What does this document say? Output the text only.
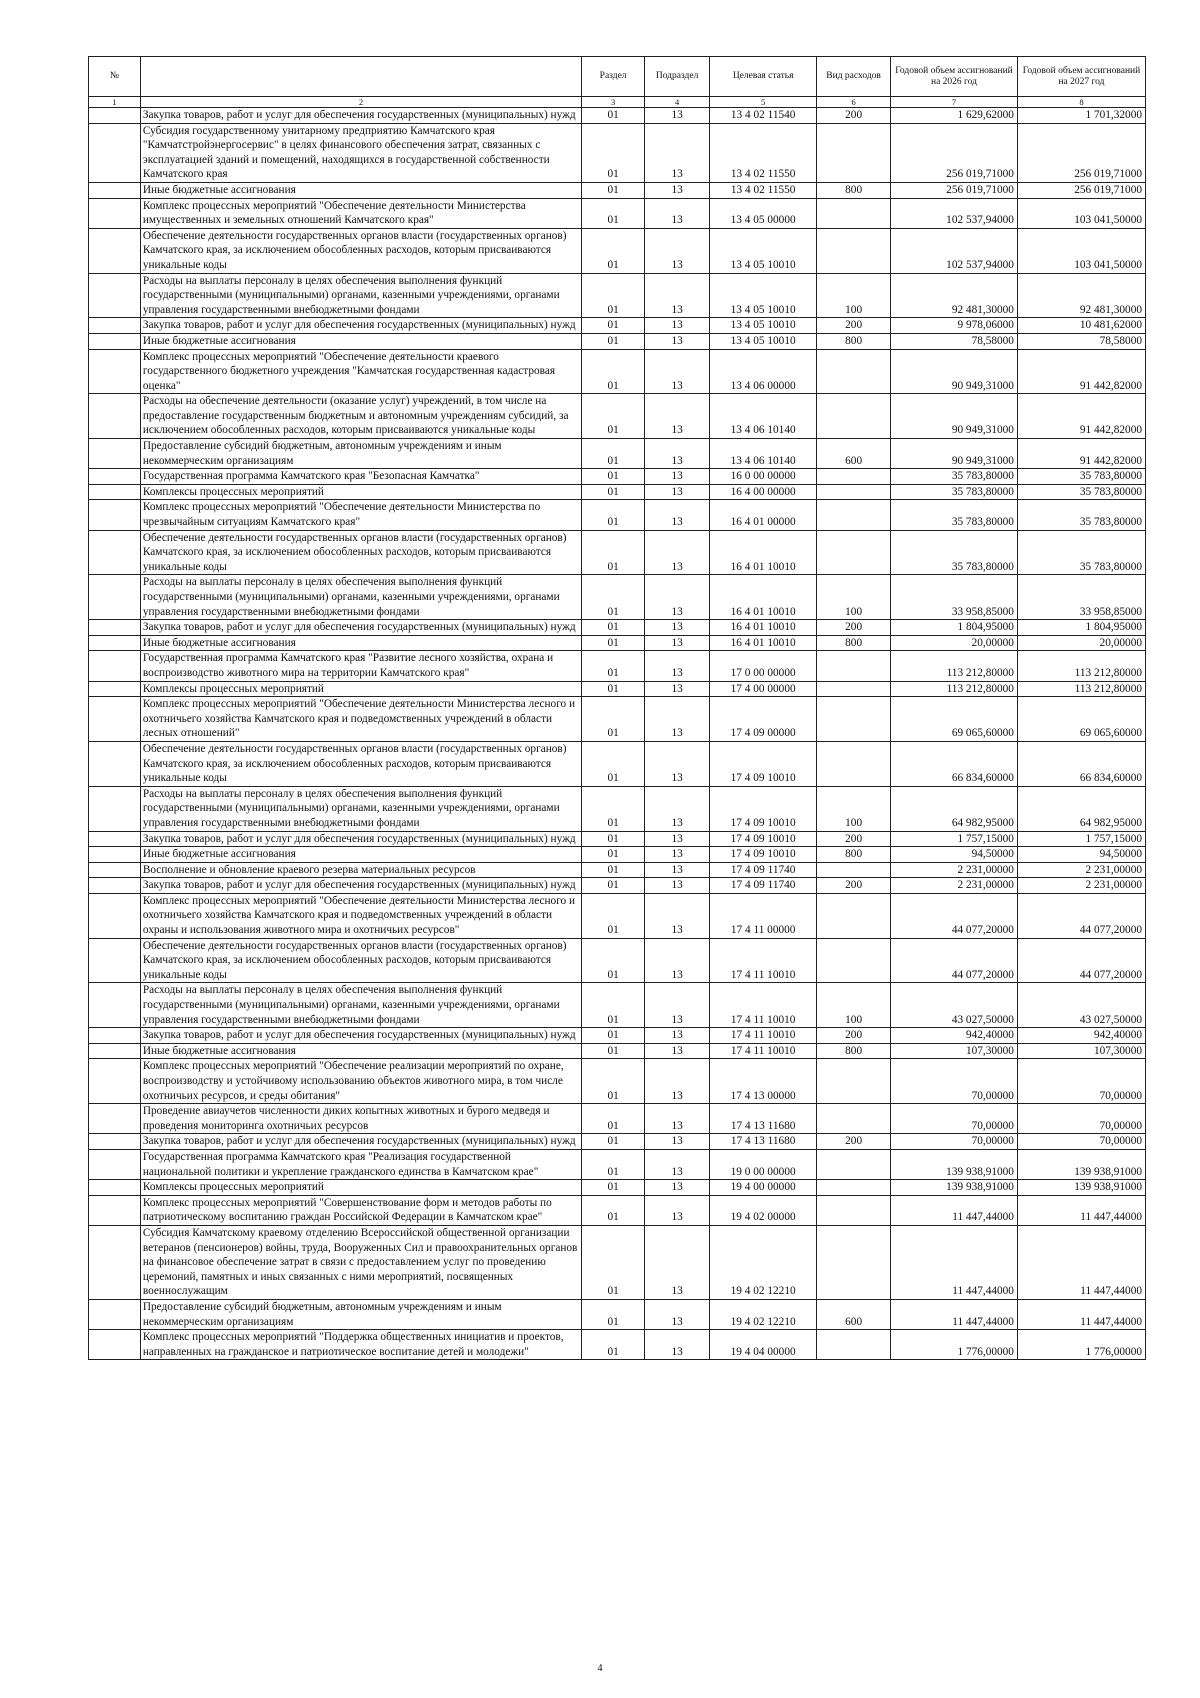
№		Раздел	Подраздел	Целевая статья	Вид расходов	Годовой объем ассигнований на 2026 год	Годовой объем ассигнований на 2027 год
1	2	3	4	5	6	7	8
	Закупка товаров, работ и услуг для обеспечения государственных (муниципальных) нужд	01	13	13 4 02 11540	200	1 629,62000	1 701,32000
	Субсидия государственному унитарному предприятию Камчатского края "Камчатстройэнергосервис" в целях финансового обеспечения затрат, связанных с эксплуатацией зданий и помещений, находящихся в государственной собственности Камчатского края	01	13	13 4 02 11550		256 019,71000	256 019,71000
	Иные бюджетные ассигнования	01	13	13 4 02 11550	800	256 019,71000	256 019,71000
	Комплекс процессных мероприятий "Обеспечение деятельности Министерства имущественных и земельных отношений Камчатского края"	01	13	13 4 05 00000		102 537,94000	103 041,50000
	Обеспечение деятельности государственных органов власти (государственных органов) Камчатского края, за исключением обособленных расходов, которым присваиваются уникальные коды	01	13	13 4 05 10010		102 537,94000	103 041,50000
	Расходы на выплаты персоналу в целях обеспечения выполнения функций государственными (муниципальными) органами, казенными учреждениями, органами управления государственными внебюджетными фондами	01	13	13 4 05 10010	100	92 481,30000	92 481,30000
	Закупка товаров, работ и услуг для обеспечения государственных (муниципальных) нужд	01	13	13 4 05 10010	200	9 978,06000	10 481,62000
	Иные бюджетные ассигнования	01	13	13 4 05 10010	800	78,58000	78,58000
	Комплекс процессных мероприятий "Обеспечение деятельности краевого государственного бюджетного учреждения "Камчатская государственная кадастровая оценка"	01	13	13 4 06 00000		90 949,31000	91 442,82000
	Расходы на обеспечение деятельности (оказание услуг) учреждений, в том числе на предоставление государственным бюджетным и автономным учреждениям субсидий, за исключением обособленных расходов, которым присваиваются уникальные коды	01	13	13 4 06 10140		90 949,31000	91 442,82000
	Предоставление субсидий бюджетным, автономным учреждениям и иным некоммерческим организациям	01	13	13 4 06 10140	600	90 949,31000	91 442,82000
	Государственная программа Камчатского края "Безопасная Камчатка"	01	13	16 0 00 00000		35 783,80000	35 783,80000
	Комплексы процессных мероприятий	01	13	16 4 00 00000		35 783,80000	35 783,80000
	Комплекс процессных мероприятий "Обеспечение деятельности Министерства по чрезвычайным ситуациям Камчатского края"	01	13	16 4 01 00000		35 783,80000	35 783,80000
	Обеспечение деятельности государственных органов власти (государственных органов) Камчатского края, за исключением обособленных расходов, которым присваиваются уникальные коды	01	13	16 4 01 10010		35 783,80000	35 783,80000
	Расходы на выплаты персоналу в целях обеспечения выполнения функций государственными (муниципальными) органами, казенными учреждениями, органами управления государственными внебюджетными фондами	01	13	16 4 01 10010	100	33 958,85000	33 958,85000
	Закупка товаров, работ и услуг для обеспечения государственных (муниципальных) нужд	01	13	16 4 01 10010	200	1 804,95000	1 804,95000
	Иные бюджетные ассигнования	01	13	16 4 01 10010	800	20,00000	20,00000
	Государственная программа Камчатского края "Развитие лесного хозяйства, охрана и воспроизводство животного мира на территории Камчатского края"	01	13	17 0 00 00000		113 212,80000	113 212,80000
	Комплексы процессных мероприятий	01	13	17 4 00 00000		113 212,80000	113 212,80000
	Комплекс процессных мероприятий "Обеспечение деятельности Министерства лесного и охотничьего хозяйства Камчатского края и подведомственных учреждений в области лесных отношений"	01	13	17 4 09 00000		69 065,60000	69 065,60000
	Обеспечение деятельности государственных органов власти (государственных органов) Камчатского края, за исключением обособленных расходов, которым присваиваются уникальные коды	01	13	17 4 09 10010		66 834,60000	66 834,60000
	Расходы на выплаты персоналу в целях обеспечения выполнения функций государственными (муниципальными) органами, казенными учреждениями, органами управления государственными внебюджетными фондами	01	13	17 4 09 10010	100	64 982,95000	64 982,95000
	Закупка товаров, работ и услуг для обеспечения государственных (муниципальных) нужд	01	13	17 4 09 10010	200	1 757,15000	1 757,15000
	Иные бюджетные ассигнования	01	13	17 4 09 10010	800	94,50000	94,50000
	Восполнение и обновление краевого резерва материальных ресурсов	01	13	17 4 09 11740		2 231,00000	2 231,00000
	Закупка товаров, работ и услуг для обеспечения государственных (муниципальных) нужд	01	13	17 4 09 11740	200	2 231,00000	2 231,00000
	Комплекс процессных мероприятий "Обеспечение деятельности Министерства лесного и охотничьего хозяйства Камчатского края и подведомственных учреждений в области охраны и использования животного мира и охотничьих ресурсов"	01	13	17 4 11 00000		44 077,20000	44 077,20000
	Обеспечение деятельности государственных органов власти (государственных органов) Камчатского края, за исключением обособленных расходов, которым присваиваются уникальные коды	01	13	17 4 11 10010		44 077,20000	44 077,20000
	Расходы на выплаты персоналу в целях обеспечения выполнения функций государственными (муниципальными) органами, казенными учреждениями, органами управления государственными внебюджетными фондами	01	13	17 4 11 10010	100	43 027,50000	43 027,50000
	Закупка товаров, работ и услуг для обеспечения государственных (муниципальных) нужд	01	13	17 4 11 10010	200	942,40000	942,40000
	Иные бюджетные ассигнования	01	13	17 4 11 10010	800	107,30000	107,30000
	Комплекс процессных мероприятий "Обеспечение реализации мероприятий по охране, воспроизводству и устойчивому использованию объектов животного мира, в том числе охотничьих ресурсов, и среды обитания"	01	13	17 4 13 00000		70,00000	70,00000
	Проведение авиаучетов численности диких копытных животных и бурого медведя и проведения мониторинга охотничьих ресурсов	01	13	17 4 13 11680		70,00000	70,00000
	Закупка товаров, работ и услуг для обеспечения государственных (муниципальных) нужд	01	13	17 4 13 11680	200	70,00000	70,00000
	Государственная программа Камчатского края "Реализация государственной национальной политики и укрепление гражданского единства в Камчатском крае"	01	13	19 0 00 00000		139 938,91000	139 938,91000
	Комплексы процессных мероприятий	01	13	19 4 00 00000		139 938,91000	139 938,91000
	Комплекс процессных мероприятий "Совершенствование форм и методов работы по патриотическому воспитанию граждан Российской Федерации в Камчатском крае"	01	13	19 4 02 00000		11 447,44000	11 447,44000
	Субсидия Камчатскому краевому отделению Всероссийской общественной организации ветеранов (пенсионеров) войны, труда, Вооруженных Сил и правоохранительных органов на финансовое обеспечение затрат в связи с предоставлением услуг по проведению церемоний, памятных и иных связанных с ними мероприятий, посвященных военнослужащим	01	13	19 4 02 12210		11 447,44000	11 447,44000
	Предоставление субсидий бюджетным, автономным учреждениям и иным некоммерческим организациям	01	13	19 4 02 12210	600	11 447,44000	11 447,44000
	Комплекс процессных мероприятий "Поддержка общественных инициатив и проектов, направленных на гражданское и патриотическое воспитание детей и молодежи"	01	13	19 4 04 00000		1 776,00000	1 776,00000
4
